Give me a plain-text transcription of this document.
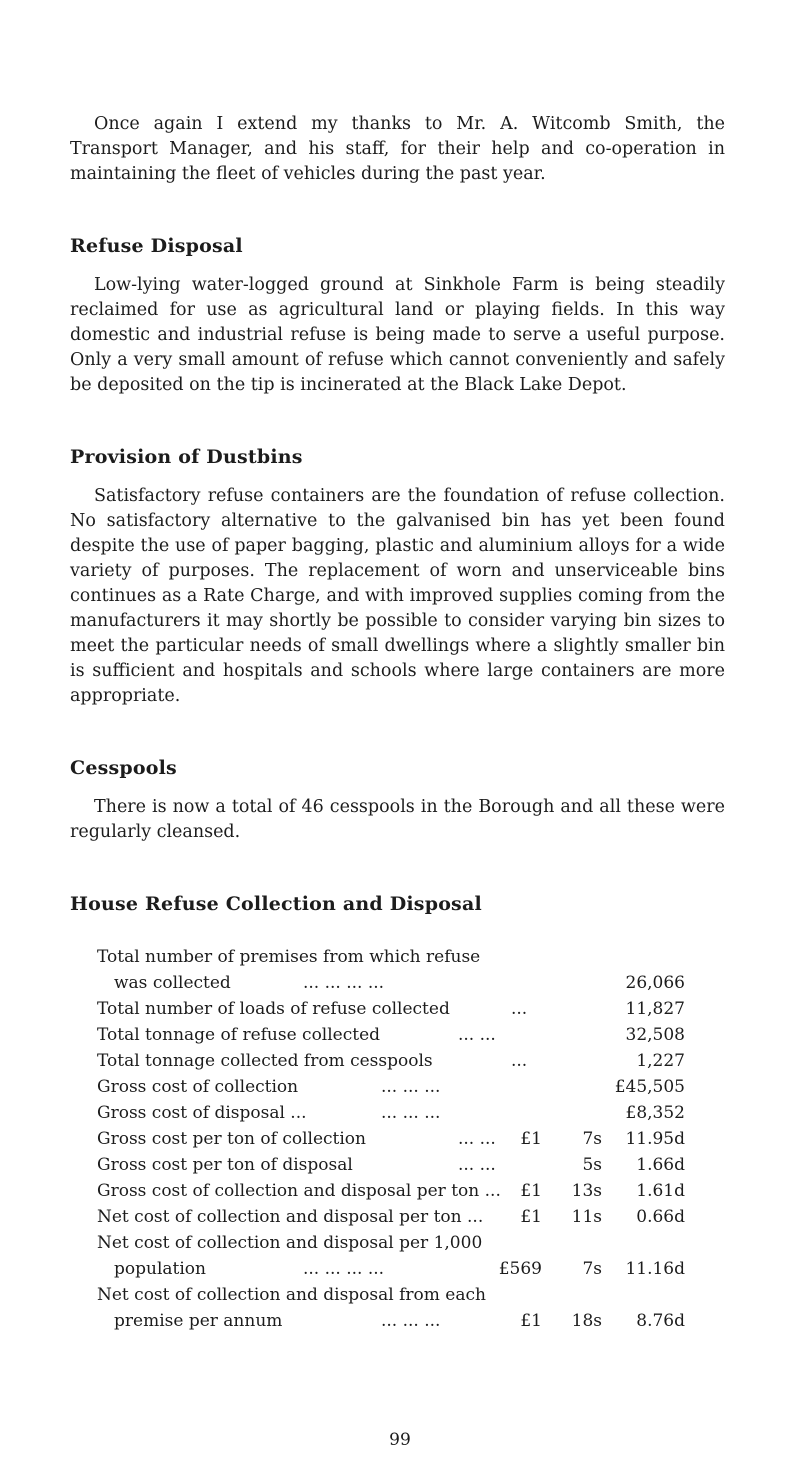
Once again I extend my thanks to Mr. A. Witcomb Smith, the Transport Manager, and his staff, for their help and co-operation in maintaining the fleet of vehicles during the past year.

Refuse Disposal

Low-lying water-logged ground at Sinkhole Farm is being steadily reclaimed for use as agricultural land or playing fields. In this way domestic and industrial refuse is being made to serve a useful purpose. Only a very small amount of refuse which cannot conveniently and safely be deposited on the tip is incinerated at the Black Lake Depot.

Provision of Dustbins

Satisfactory refuse containers are the foundation of refuse collection. No satisfactory alternative to the galvanised bin has yet been found despite the use of paper bagging, plastic and aluminium alloys for a wide variety of purposes. The replacement of worn and unserviceable bins continues as a Rate Charge, and with improved supplies coming from the manufacturers it may shortly be possible to consider varying bin sizes to meet the particular needs of small dwellings where a slightly smaller bin is sufficient and hospitals and schools where large containers are more appropriate.

Cesspools

There is now a total of 46 cesspools in the Borough and all these were regularly cleansed.

House Refuse Collection and Disposal
Total number of premises from which refuse
was collected	... ... ... ...	26,066
Total number of loads of refuse collected	...	11,827
Total tonnage of refuse collected	... ...	32,508
Total tonnage collected from cesspools	...	1,227
Gross cost of collection	... ... ...	£45,505
Gross cost of disposal ...	... ... ...	£8,352
Gross cost per ton of collection	... ... £1 7s 11.95d
Gross cost per ton of disposal	... ...	5s 1.66d
Gross cost of collection and disposal per ton ... £1 13s 1.61d
Net cost of collection and disposal per ton ... £1 11s 0.66d
Net cost of collection and disposal per 1,000
population	... ... ... ...	£569 7s 11.16d
Net cost of collection and disposal from each
premise per annum	... ... ...	£1 18s 8.76d
99
